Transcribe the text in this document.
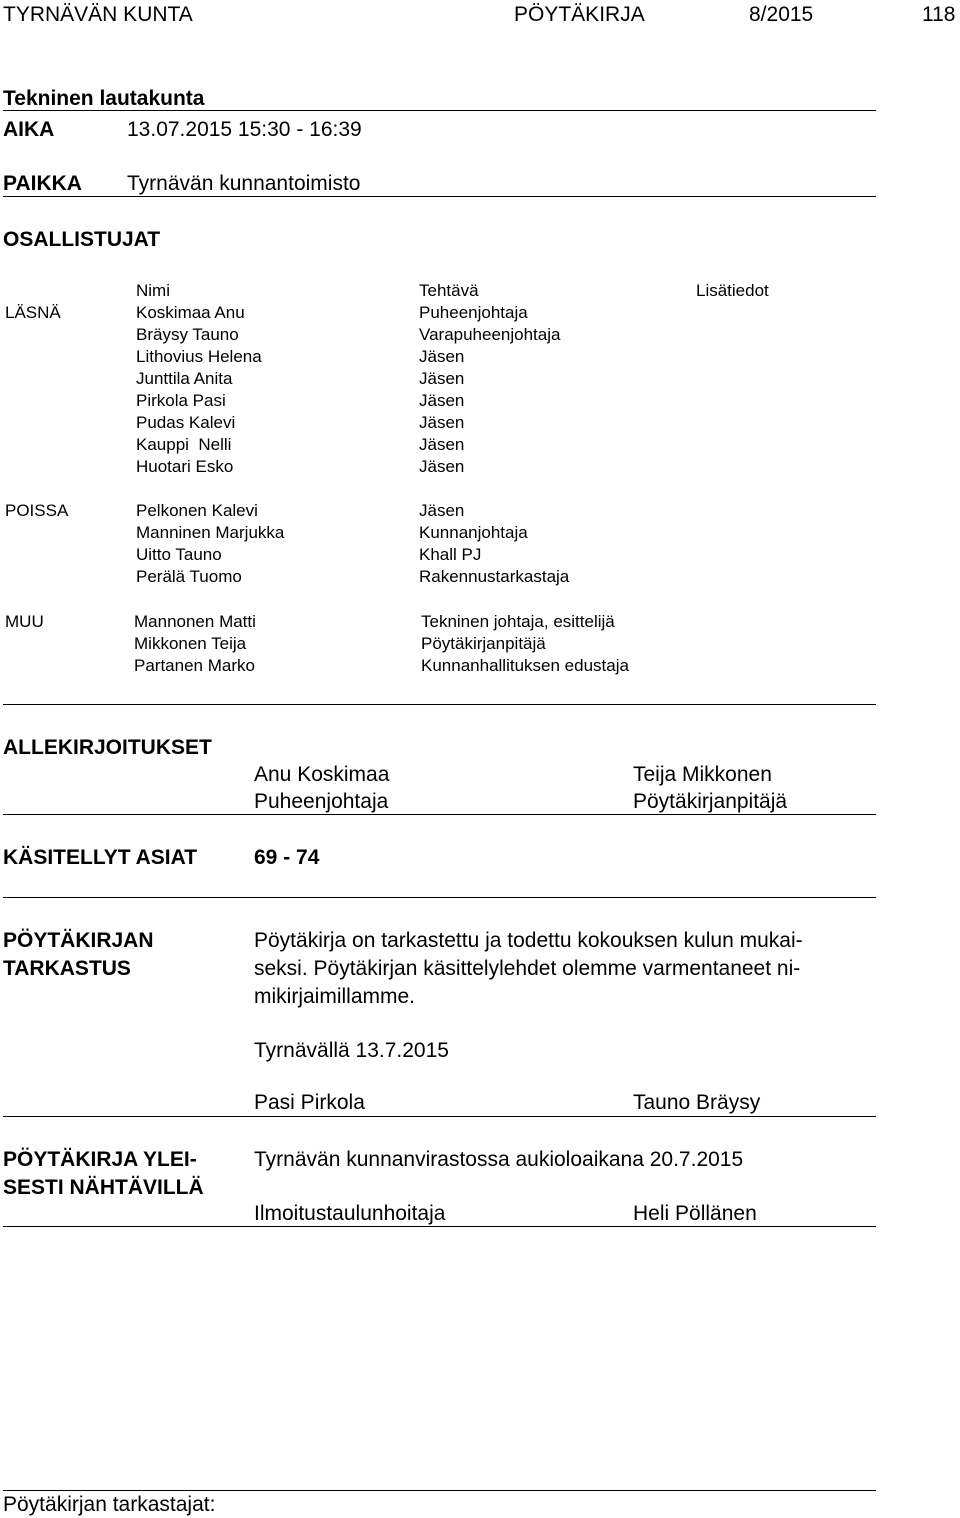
TYRNÄVÄN KUNTA	PÖYTÄKIRJA	8/2015	118
Tekninen lautakunta
AIKA	13.07.2015 15:30 - 16:39
PAIKKA Tyrnävän kunnantoimisto
OSALLISTUJAT
Nimi	Tehtävä	Lisätiedot
LÄSNÄ	Koskimaa Anu	Puheenjohtaja
Bräysy Tauno	Varapuheenjohtaja
Lithovius Helena	Jäsen
Junttila Anita	Jäsen
Pirkola Pasi	Jäsen
Pudas Kalevi	Jäsen
Kauppi  Nelli	Jäsen
Huotari Esko	Jäsen
POISSA	Pelkonen Kalevi	Jäsen
Manninen Marjukka	Kunnanjohtaja
Uitto Tauno	Khall PJ
Perälä Tuomo	Rakennustarkastaja
MUU	Mannonen Matti	Tekninen johtaja, esittelijä
Mikkonen Teija	Pöytäkirjanpitäjä
Partanen Marko	Kunnanhallituksen edustaja
ALLEKIRJOITUKSET
Anu Koskimaa	Teija Mikkonen
Puheenjohtaja	Pöytäkirjanpitäjä
KÄSITELLYT ASIAT	69 - 74
PÖYTÄKIRJAN
TARKASTUS
Pöytäkirja on tarkastettu ja todettu kokouksen kulun mukai-
seksi. Pöytäkirjan käsittelylehdet olemme varmentaneet ni-
mikirjaimillamme.
Tyrnävällä 13.7.2015
Pasi Pirkola	Tauno Bräysy
PÖYTÄKIRJA YLEI-
SESTI NÄHTÄVILLÄ
Tyrnävän kunnanvirastossa aukioloaikana 20.7.2015
Ilmoitustaulunhoitaja	Heli Pöllänen
Pöytäkirjan tarkastajat:
